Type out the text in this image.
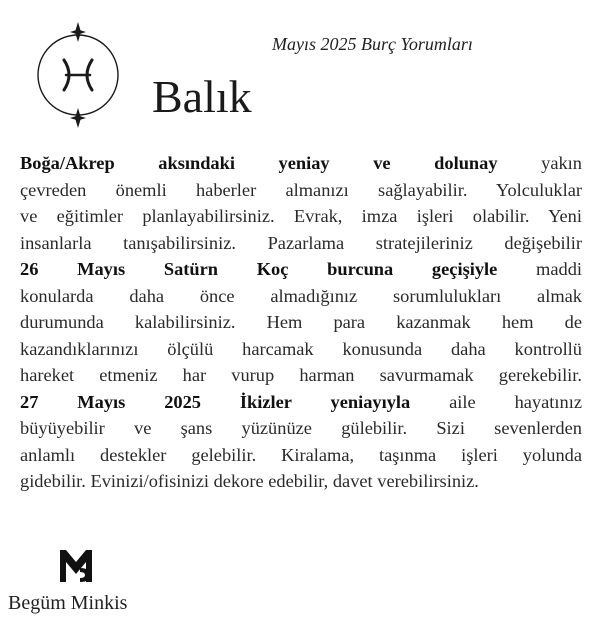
Mayıs 2025 Burç Yorumları
Balık
Boğa/Akrep aksındaki yeniay ve dolunay yakın
çevreden önemli haberler almanızı sağlayabilir. Yolculuklar
ve eğitimler planlayabilirsiniz. Evrak, imza işleri olabilir. Yeni
insanlarla tanışabilirsiniz. Pazarlama stratejileriniz değişebilir
26 Mayıs Satürn Koç burcuna geçişiyle maddi
konularda daha önce almadığınız sorumlulukları almak
durumunda kalabilirsiniz. Hem para kazanmak hem de
kazandıklarınızı ölçülü harcamak konusunda daha kontrollü
hareket etmeniz har vurup harman savurmamak gerekebilir.
27 Mayıs 2025 İkizler yeniayıyla aile hayatınız
büyüyebilir ve şans yüzünüze gülebilir. Sizi sevenlerden
anlamlı destekler gelebilir. Kiralama, taşınma işleri yolunda
gidebilir. Evinizi/ofisinizi dekore edebilir, davet verebilirsiniz.
Begüm Minkis
